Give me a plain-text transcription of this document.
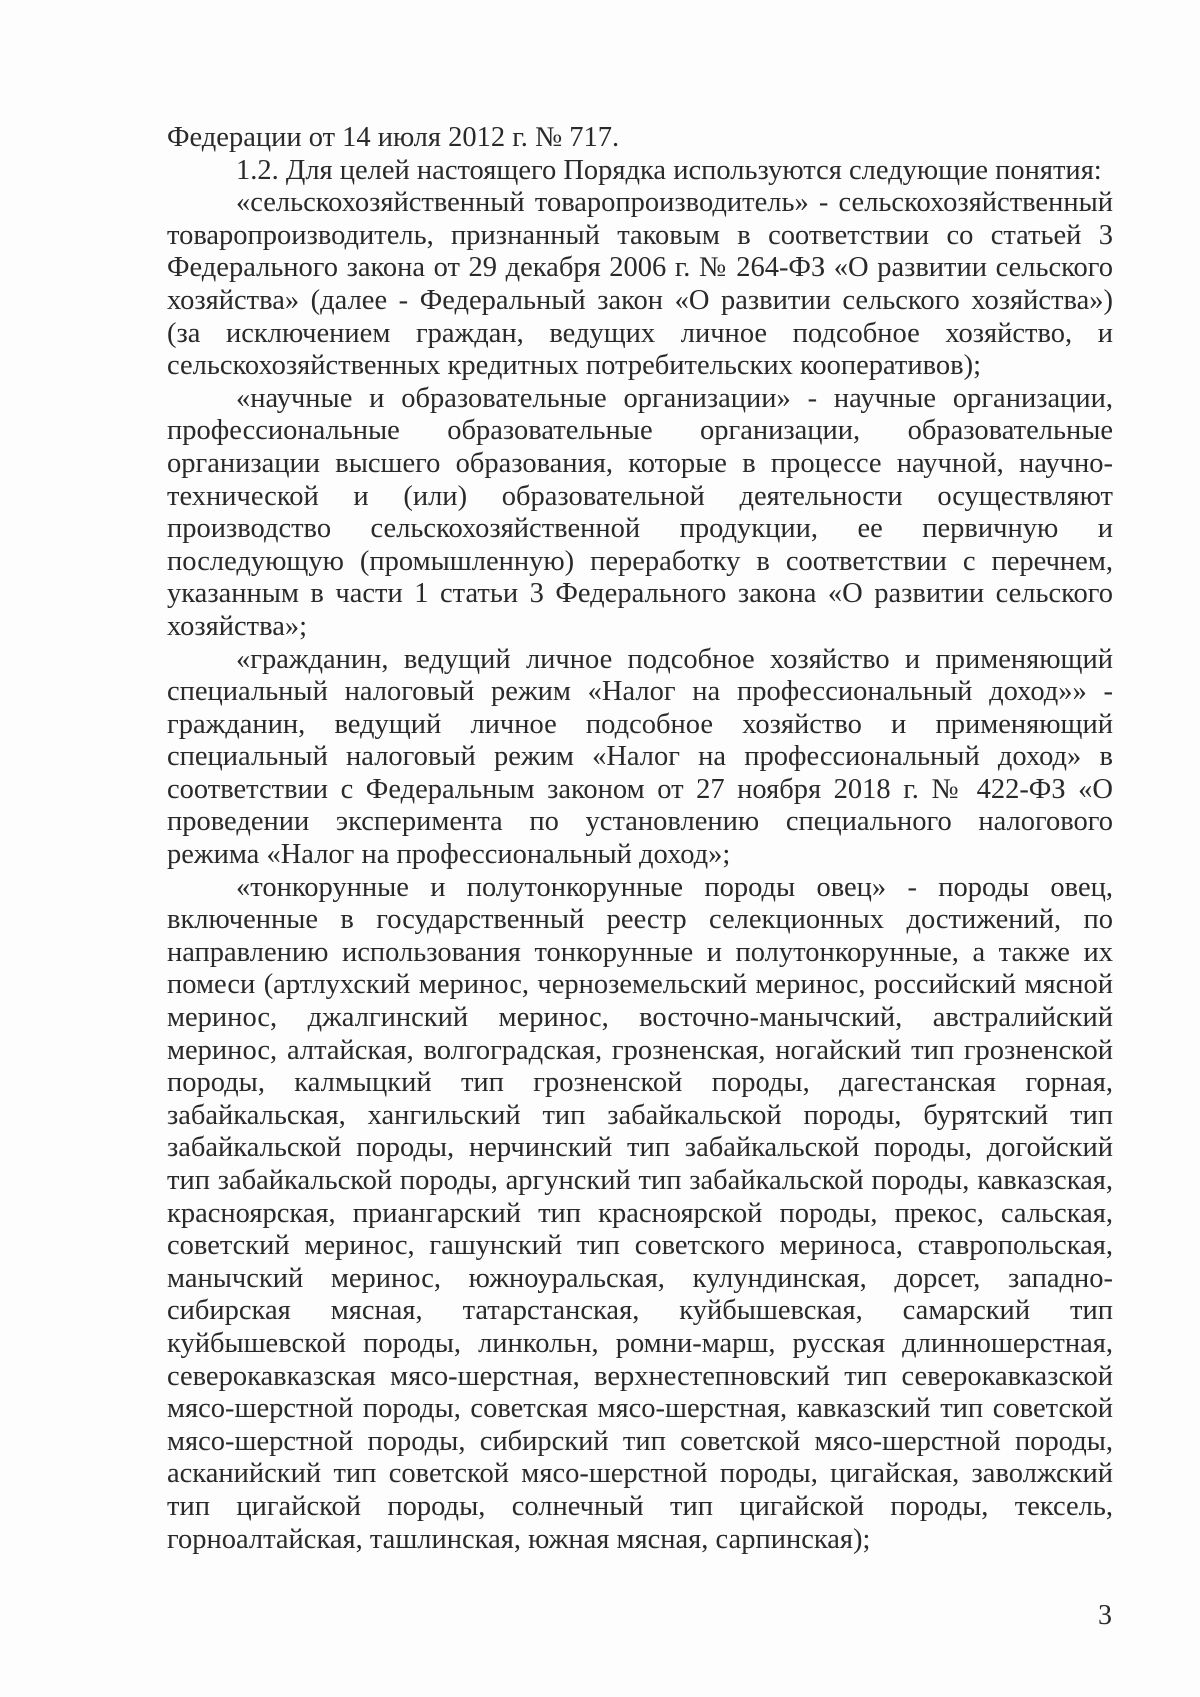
Федерации от 14 июля 2012 г. № 717.

1.2. Для целей настоящего Порядка используются следующие понятия:

«сельскохозяйственный товаропроизводитель» - сельскохозяйственный товаропроизводитель, признанный таковым в соответствии со статьей 3 Федерального закона от 29 декабря 2006 г. № 264-ФЗ «О развитии сельского хозяйства» (далее - Федеральный закон «О развитии сельского хозяйства») (за исключением граждан, ведущих личное подсобное хозяйство, и сельскохозяйственных кредитных потребительских кооперативов);

«научные и образовательные организации» - научные организации, профессиональные образовательные организации, образовательные организации высшего образования, которые в процессе научной, научно-технической и (или) образовательной деятельности осуществляют производство сельскохозяйственной продукции, ее первичную и последующую (промышленную) переработку в соответствии с перечнем, указанным в части 1 статьи 3 Федерального закона «О развитии сельского хозяйства»;

«гражданин, ведущий личное подсобное хозяйство и применяющий специальный налоговый режим «Налог на профессиональный доход»» - гражданин, ведущий личное подсобное хозяйство и применяющий специальный налоговый режим «Налог на профессиональный доход» в соответствии с Федеральным законом от 27 ноября 2018 г. № 422-ФЗ «О проведении эксперимента по установлению специального налогового режима «Налог на профессиональный доход»;

«тонкорунные и полутонкорунные породы овец» - породы овец, включенные в государственный реестр селекционных достижений, по направлению использования тонкорунные и полутонкорунные, а также их помеси (артлухский меринос, черноземельский меринос, российский мясной меринос, джалгинский меринос, восточно-манычский, австралийский меринос, алтайская, волгоградская, грозненская, ногайский тип грозненской породы, калмыцкий тип грозненской породы, дагестанская горная, забайкальская, хангильский тип забайкальской породы, бурятский тип забайкальской породы, нерчинский тип забайкальской породы, догойский тип забайкальской породы, аргунский тип забайкальской породы, кавказская, красноярская, приангарский тип красноярской породы, прекос, сальская, советский меринос, гашунский тип советского мериноса, ставропольская, манычский меринос, южноуральская, кулундинская, дорсет, западно-сибирская мясная, татарстанская, куйбышевская, самарский тип куйбышевской породы, линкольн, ромни-марш, русская длинношерстная, северокавказская мясо-шерстная, верхнестепновский тип северокавказской мясо-шерстной породы, советская мясо-шерстная, кавказский тип советской мясо-шерстной породы, сибирский тип советской мясо-шерстной породы, асканийский тип советской мясо-шерстной породы, цигайская, заволжский тип цигайской породы, солнечный тип цигайской породы, тексель, горноалтайская, ташлинская, южная мясная, сарпинская);

3
